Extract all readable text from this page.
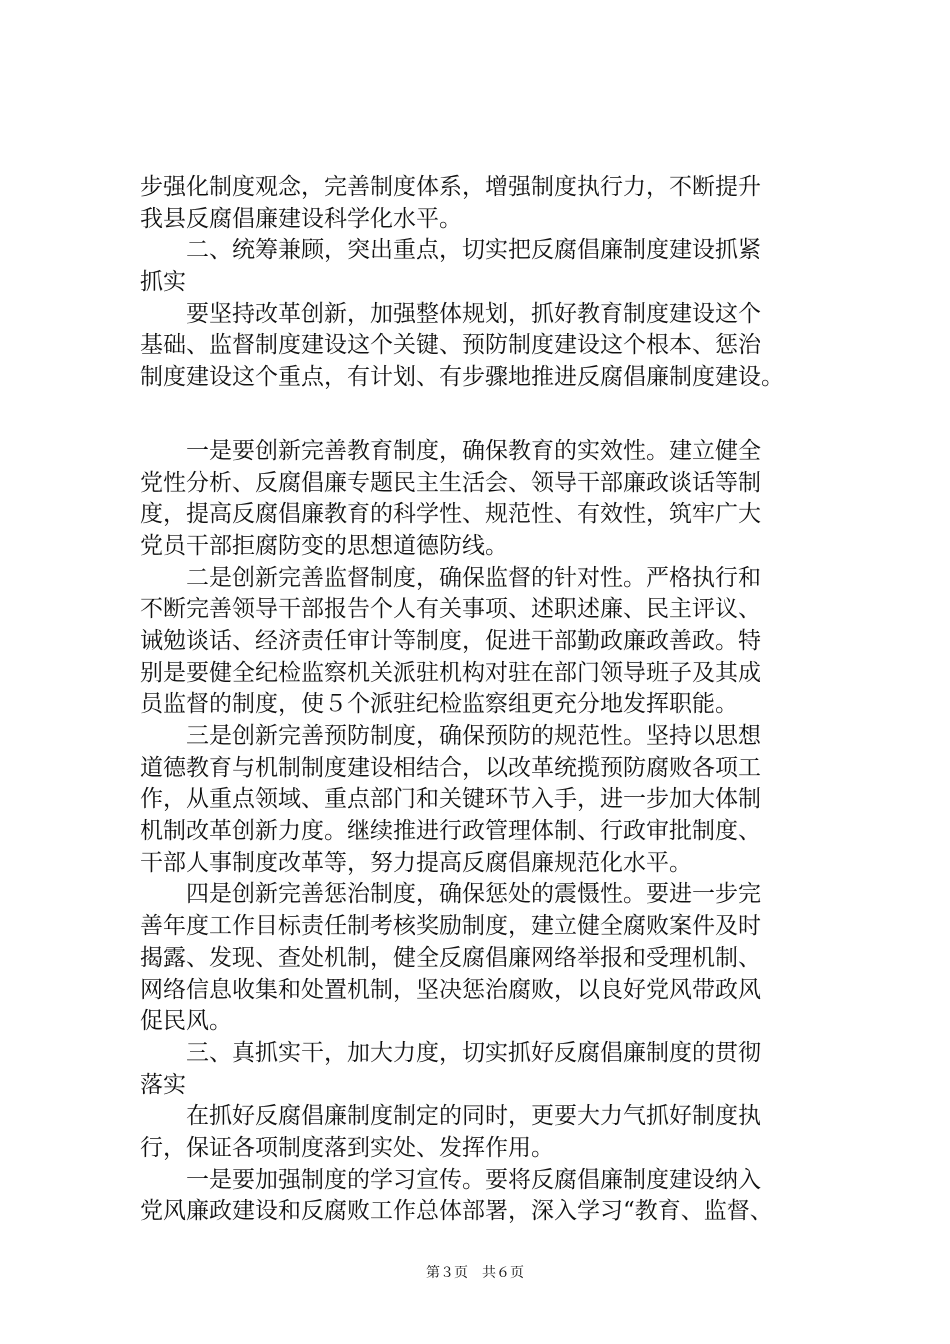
步强化制度观念，完善制度体系，增强制度执行力，不断提升
我县反腐倡廉建设科学化水平。
　　二、统筹兼顾，突出重点，切实把反腐倡廉制度建设抓紧
抓实
　　要坚持改革创新，加强整体规划，抓好教育制度建设这个
基础、监督制度建设这个关键、预防制度建设这个根本、惩治
制度建设这个重点，有计划、有步骤地推进反腐倡廉制度建设。
　　一是要创新完善教育制度，确保教育的实效性。建立健全
党性分析、反腐倡廉专题民主生活会、领导干部廉政谈话等制
度，提高反腐倡廉教育的科学性、规范性、有效性，筑牢广大
党员干部拒腐防变的思想道德防线。
　　二是创新完善监督制度，确保监督的针对性。严格执行和
不断完善领导干部报告个人有关事项、述职述廉、民主评议、
诫勉谈话、经济责任审计等制度，促进干部勤政廉政善政。特
别是要健全纪检监察机关派驻机构对驻在部门领导班子及其成
员监督的制度，使５个派驻纪检监察组更充分地发挥职能。
　　三是创新完善预防制度，确保预防的规范性。坚持以思想
道德教育与机制制度建设相结合，以改革统揽预防腐败各项工
作，从重点领域、重点部门和关键环节入手，进一步加大体制
机制改革创新力度。继续推进行政管理体制、行政审批制度、
干部人事制度改革等，努力提高反腐倡廉规范化水平。
　　四是创新完善惩治制度，确保惩处的震慑性。要进一步完
善年度工作目标责任制考核奖励制度，建立健全腐败案件及时
揭露、发现、查处机制，健全反腐倡廉网络举报和受理机制、
网络信息收集和处置机制，坚决惩治腐败，以良好党风带政风
促民风。
　　三、真抓实干，加大力度，切实抓好反腐倡廉制度的贯彻
落实
　　在抓好反腐倡廉制度制定的同时，更要大力气抓好制度执
行，保证各项制度落到实处、发挥作用。
　　一是要加强制度的学习宣传。要将反腐倡廉制度建设纳入
党风廉政建设和反腐败工作总体部署，深入学习“教育、监督、
第３页　共６页
